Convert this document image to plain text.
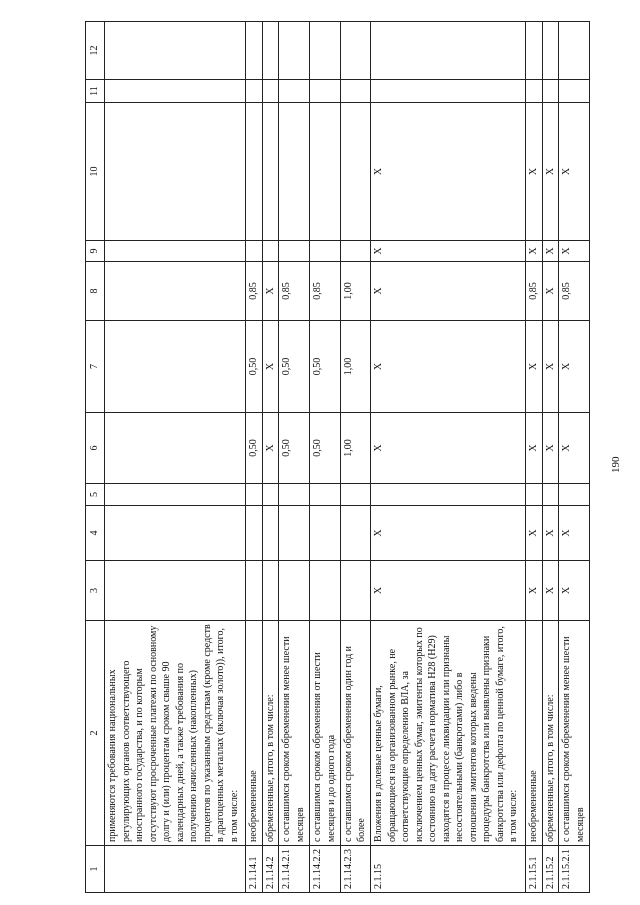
1	2	3	4	5	6	7	8	9	10	11	12
	применяются требования национальных регулирующих органов соответствующего иностранного государства, и по которым отсутствуют просроченные платежи по основному долгу и (или) процентам сроком свыше 90 календарных дней, а также требования по получению начисленных (накопленных) процентов по указанным средствам (кроме средств в драгоценных металлах (включая золото)), итого, в том числе:										
2.1.14.1	необремененные				0,50	0,50	0,85				
2.1.14.2	обремененные, итого, в том числе:				X	X	X				
2.1.14.2.1	с оставшимся сроком обременения менее шести месяцев				0,50	0,50	0,85				
2.1.14.2.2	с оставшимся сроком обременения от шести месяцев и до одного года				0,50	0,50	0,85				
2.1.14.2.3	с оставшимся сроком обременения один год и более				1,00	1,00	1,00				
2.1.15	Вложения в долевые ценные бумаги, обращающиеся на организованном рынке, не соответствующие определению ВЛА, за исключением ценных бумаг, эмитенты которых по состоянию на дату расчета норматива Н28 (Н29) находятся в процессе ликвидации или признаны несостоятельными (банкротами) либо в отношении эмитентов которых введены процедуры банкротства или выявлены признаки банкротства или дефолта по ценной бумаге, итого, в том числе:	X	X		X	X	X	X	X		
2.1.15.1	необремененные	X	X		X	X	0,85	X	X		
2.1.15.2	обремененные, итого, в том числе:	X	X		X	X	X	X	X		
2.1.15.2.1	с оставшимся сроком обременения менее шести месяцев	X	X		X	X	0,85	X	X		
190
